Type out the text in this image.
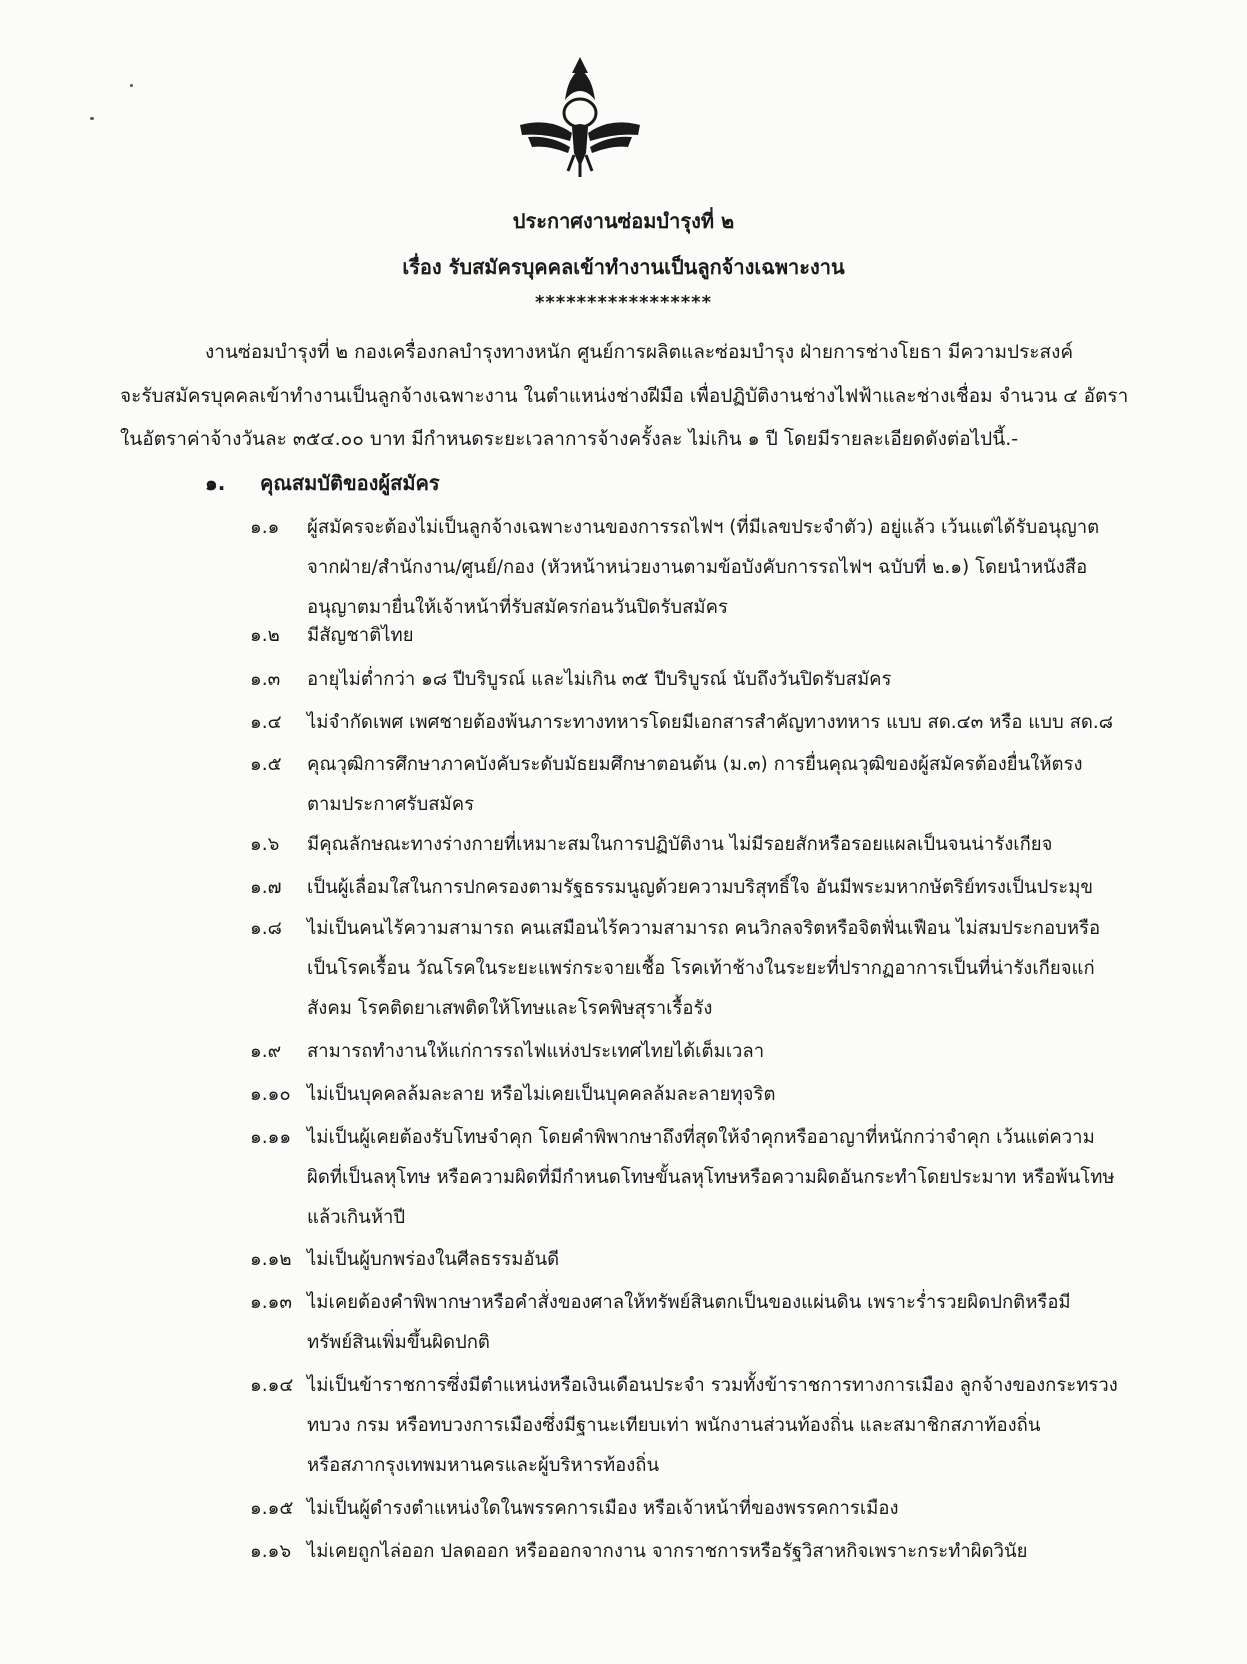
ประกาศงานซ่อมบำรุงที่ ๒
เรื่อง รับสมัครบุคคลเข้าทำงานเป็นลูกจ้างเฉพาะงาน
*****************
งานซ่อมบำรุงที่ ๒ กองเครื่องกลบำรุงทางหนัก ศูนย์การผลิตและซ่อมบำรุง ฝ่ายการช่างโยธา มีความประสงค์
จะรับสมัครบุคคลเข้าทำงานเป็นลูกจ้างเฉพาะงาน ในตำแหน่งช่างฝีมือ เพื่อปฏิบัติงานช่างไฟฟ้าและช่างเชื่อม จำนวน ๔ อัตรา
ในอัตราค่าจ้างวันละ ๓๕๔.๐๐ บาท มีกำหนดระยะเวลาการจ้างครั้งละ ไม่เกิน ๑ ปี โดยมีรายละเอียดดังต่อไปนี้.-
๑. คุณสมบัติของผู้สมัคร
๑.๑ ผู้สมัครจะต้องไม่เป็นลูกจ้างเฉพาะงานของการรถไฟฯ (ที่มีเลขประจำตัว) อยู่แล้ว เว้นแต่ได้รับอนุญาต
จากฝ่าย/สำนักงาน/ศูนย์/กอง (หัวหน้าหน่วยงานตามข้อบังคับการรถไฟฯ ฉบับที่ ๒.๑) โดยนำหนังสือ
อนุญาตมายื่นให้เจ้าหน้าที่รับสมัครก่อนวันปิดรับสมัคร
๑.๒ มีสัญชาติไทย
๑.๓ อายุไม่ต่ำกว่า ๑๘ ปีบริบูรณ์ และไม่เกิน ๓๕ ปีบริบูรณ์ นับถึงวันปิดรับสมัคร
๑.๔ ไม่จำกัดเพศ เพศชายต้องพ้นภาระทางทหารโดยมีเอกสารสำคัญทางทหาร แบบ สด.๔๓ หรือ แบบ สด.๘
๑.๕ คุณวุฒิการศึกษาภาคบังคับระดับมัธยมศึกษาตอนต้น (ม.๓) การยื่นคุณวุฒิของผู้สมัครต้องยื่นให้ตรง
ตามประกาศรับสมัคร
๑.๖ มีคุณลักษณะทางร่างกายที่เหมาะสมในการปฏิบัติงาน ไม่มีรอยสักหรือรอยแผลเป็นจนน่ารังเกียจ
๑.๗ เป็นผู้เลื่อมใสในการปกครองตามรัฐธรรมนูญด้วยความบริสุทธิ์ใจ อันมีพระมหากษัตริย์ทรงเป็นประมุข
๑.๘ ไม่เป็นคนไร้ความสามารถ คนเสมือนไร้ความสามารถ คนวิกลจริตหรือจิตฟั่นเฟือน ไม่สมประกอบหรือ
เป็นโรคเรื้อน วัณโรคในระยะแพร่กระจายเชื้อ โรคเท้าช้างในระยะที่ปรากฏอาการเป็นที่น่ารังเกียจแก่
สังคม โรคติดยาเสพติดให้โทษและโรคพิษสุราเรื้อรัง
๑.๙ สามารถทำงานให้แก่การรถไฟแห่งประเทศไทยได้เต็มเวลา
๑.๑๐ ไม่เป็นบุคคลล้มละลาย หรือไม่เคยเป็นบุคคลล้มละลายทุจริต
๑.๑๑ ไม่เป็นผู้เคยต้องรับโทษจำคุก โดยคำพิพากษาถึงที่สุดให้จำคุกหรืออาญาที่หนักกว่าจำคุก เว้นแต่ความ
ผิดที่เป็นลหุโทษ หรือความผิดที่มีกำหนดโทษขั้นลหุโทษหรือความผิดอันกระทำโดยประมาท หรือพ้นโทษ
แล้วเกินห้าปี
๑.๑๒ ไม่เป็นผู้บกพร่องในศีลธรรมอันดี
๑.๑๓ ไม่เคยต้องคำพิพากษาหรือคำสั่งของศาลให้ทรัพย์สินตกเป็นของแผ่นดิน เพราะร่ำรวยผิดปกติหรือมี
ทรัพย์สินเพิ่มขึ้นผิดปกติ
๑.๑๔ ไม่เป็นข้าราชการซึ่งมีตำแหน่งหรือเงินเดือนประจำ รวมทั้งข้าราชการทางการเมือง ลูกจ้างของกระทรวง
ทบวง กรม หรือทบวงการเมืองซึ่งมีฐานะเทียบเท่า พนักงานส่วนท้องถิ่น และสมาชิกสภาท้องถิ่น
หรือสภากรุงเทพมหานครและผู้บริหารท้องถิ่น
๑.๑๕ ไม่เป็นผู้ดำรงตำแหน่งใดในพรรคการเมือง หรือเจ้าหน้าที่ของพรรคการเมือง
๑.๑๖ ไม่เคยถูกไล่ออก ปลดออก หรือออกจากงาน จากราชการหรือรัฐวิสาหกิจเพราะกระทำผิดวินัย
